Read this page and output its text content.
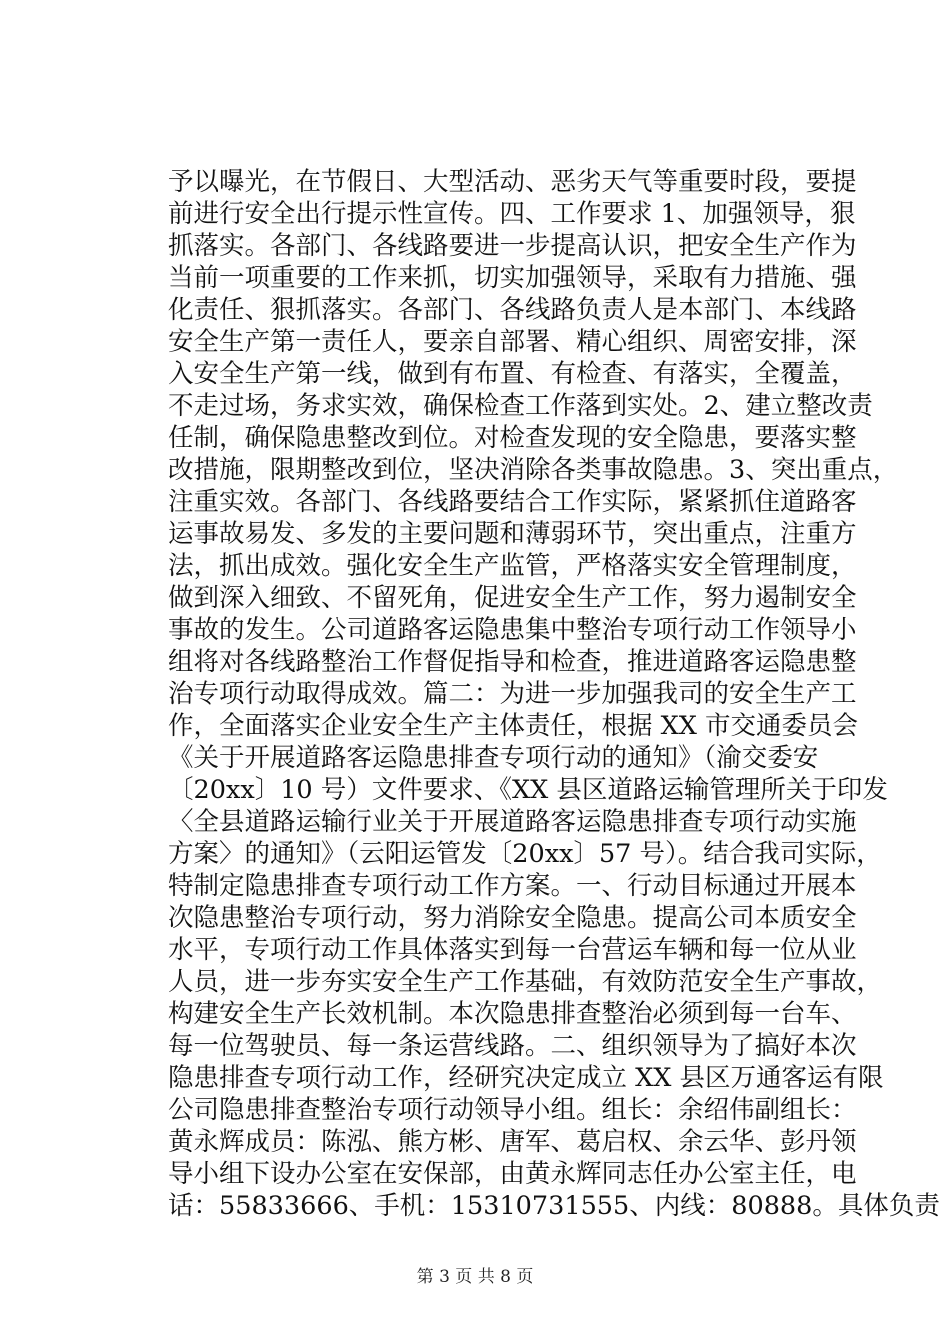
予以曝光，在节假日、大型活动、恶劣天气等重要时段，要提
前进行安全出行提示性宣传。四、工作要求 1、加强领导，狠
抓落实。各部门、各线路要进一步提高认识，把安全生产作为
当前一项重要的工作来抓，切实加强领导，采取有力措施、强
化责任、狠抓落实。各部门、各线路负责人是本部门、本线路
安全生产第一责任人，要亲自部署、精心组织、周密安排，深
入安全生产第一线，做到有布置、有检查、有落实，全覆盖，
不走过场，务求实效，确保检查工作落到实处。2、建立整改责
任制，确保隐患整改到位。对检查发现的安全隐患，要落实整
改措施，限期整改到位，坚决消除各类事故隐患。3、突出重点，
注重实效。各部门、各线路要结合工作实际，紧紧抓住道路客
运事故易发、多发的主要问题和薄弱环节，突出重点，注重方
法，抓出成效。强化安全生产监管，严格落实安全管理制度，
做到深入细致、不留死角，促进安全生产工作，努力遏制安全
事故的发生。公司道路客运隐患集中整治专项行动工作领导小
组将对各线路整治工作督促指导和检查，推进道路客运隐患整
治专项行动取得成效。篇二：为进一步加强我司的安全生产工
作，全面落实企业安全生产主体责任，根据 XX 市交通委员会
《关于开展道路客运隐患排查专项行动的通知》（渝交委安
〔20xx〕10 号）文件要求、《XX 县区道路运输管理所关于印发
〈全县道路运输行业关于开展道路客运隐患排查专项行动实施
方案〉的通知》（云阳运管发〔20xx〕57 号）。结合我司实际，
特制定隐患排查专项行动工作方案。一、行动目标通过开展本
次隐患整治专项行动，努力消除安全隐患。提高公司本质安全
水平，专项行动工作具体落实到每一台营运车辆和每一位从业
人员，进一步夯实安全生产工作基础，有效防范安全生产事故，
构建安全生产长效机制。本次隐患排查整治必须到每一台车、
每一位驾驶员、每一条运营线路。二、组织领导为了搞好本次
隐患排查专项行动工作，经研究决定成立 XX 县区万通客运有限
公司隐患排查整治专项行动领导小组。组长：余绍伟副组长：
黄永辉成员：陈泓、熊方彬、唐军、葛启权、余云华、彭丹领
导小组下设办公室在安保部，由黄永辉同志任办公室主任，电
话：55833666、手机：15310731555、内线：80888。具体负责
第 3 页 共 8 页
